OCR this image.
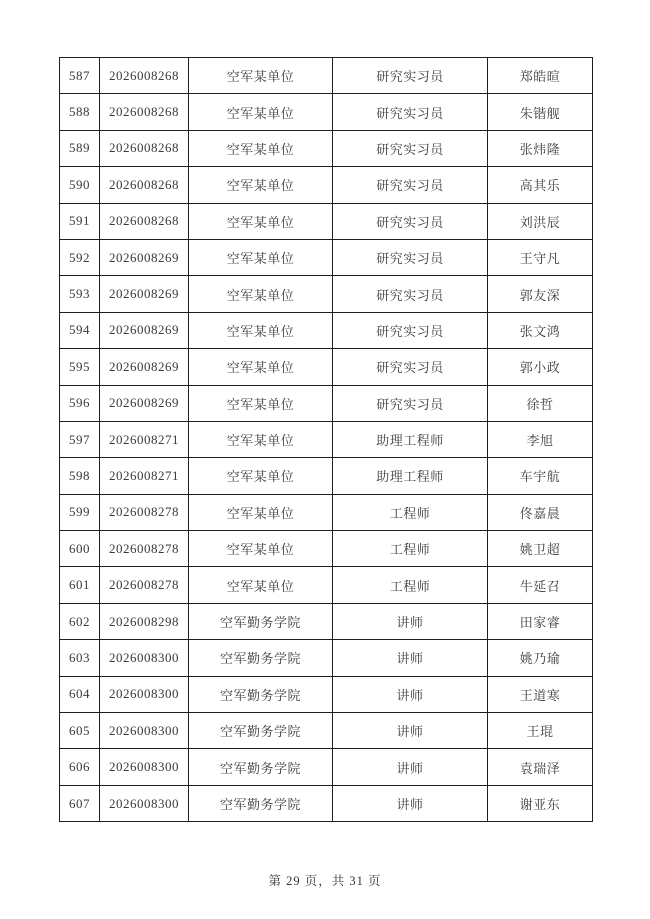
587	2026008268	空军某单位	研究实习员	郑皓暄
588	2026008268	空军某单位	研究实习员	朱锴舰
589	2026008268	空军某单位	研究实习员	张炜隆
590	2026008268	空军某单位	研究实习员	高其乐
591	2026008268	空军某单位	研究实习员	刘洪辰
592	2026008269	空军某单位	研究实习员	王守凡
593	2026008269	空军某单位	研究实习员	郭友深
594	2026008269	空军某单位	研究实习员	张文鸿
595	2026008269	空军某单位	研究实习员	郭小政
596	2026008269	空军某单位	研究实习员	徐哲
597	2026008271	空军某单位	助理工程师	李旭
598	2026008271	空军某单位	助理工程师	车宇航
599	2026008278	空军某单位	工程师	佟嘉晨
600	2026008278	空军某单位	工程师	姚卫超
601	2026008278	空军某单位	工程师	牛延召
602	2026008298	空军勤务学院	讲师	田家睿
603	2026008300	空军勤务学院	讲师	姚乃瑜
604	2026008300	空军勤务学院	讲师	王道寒
605	2026008300	空军勤务学院	讲师	王琨
606	2026008300	空军勤务学院	讲师	袁瑞泽
607	2026008300	空军勤务学院	讲师	谢亚东
第 29 页，共 31 页
